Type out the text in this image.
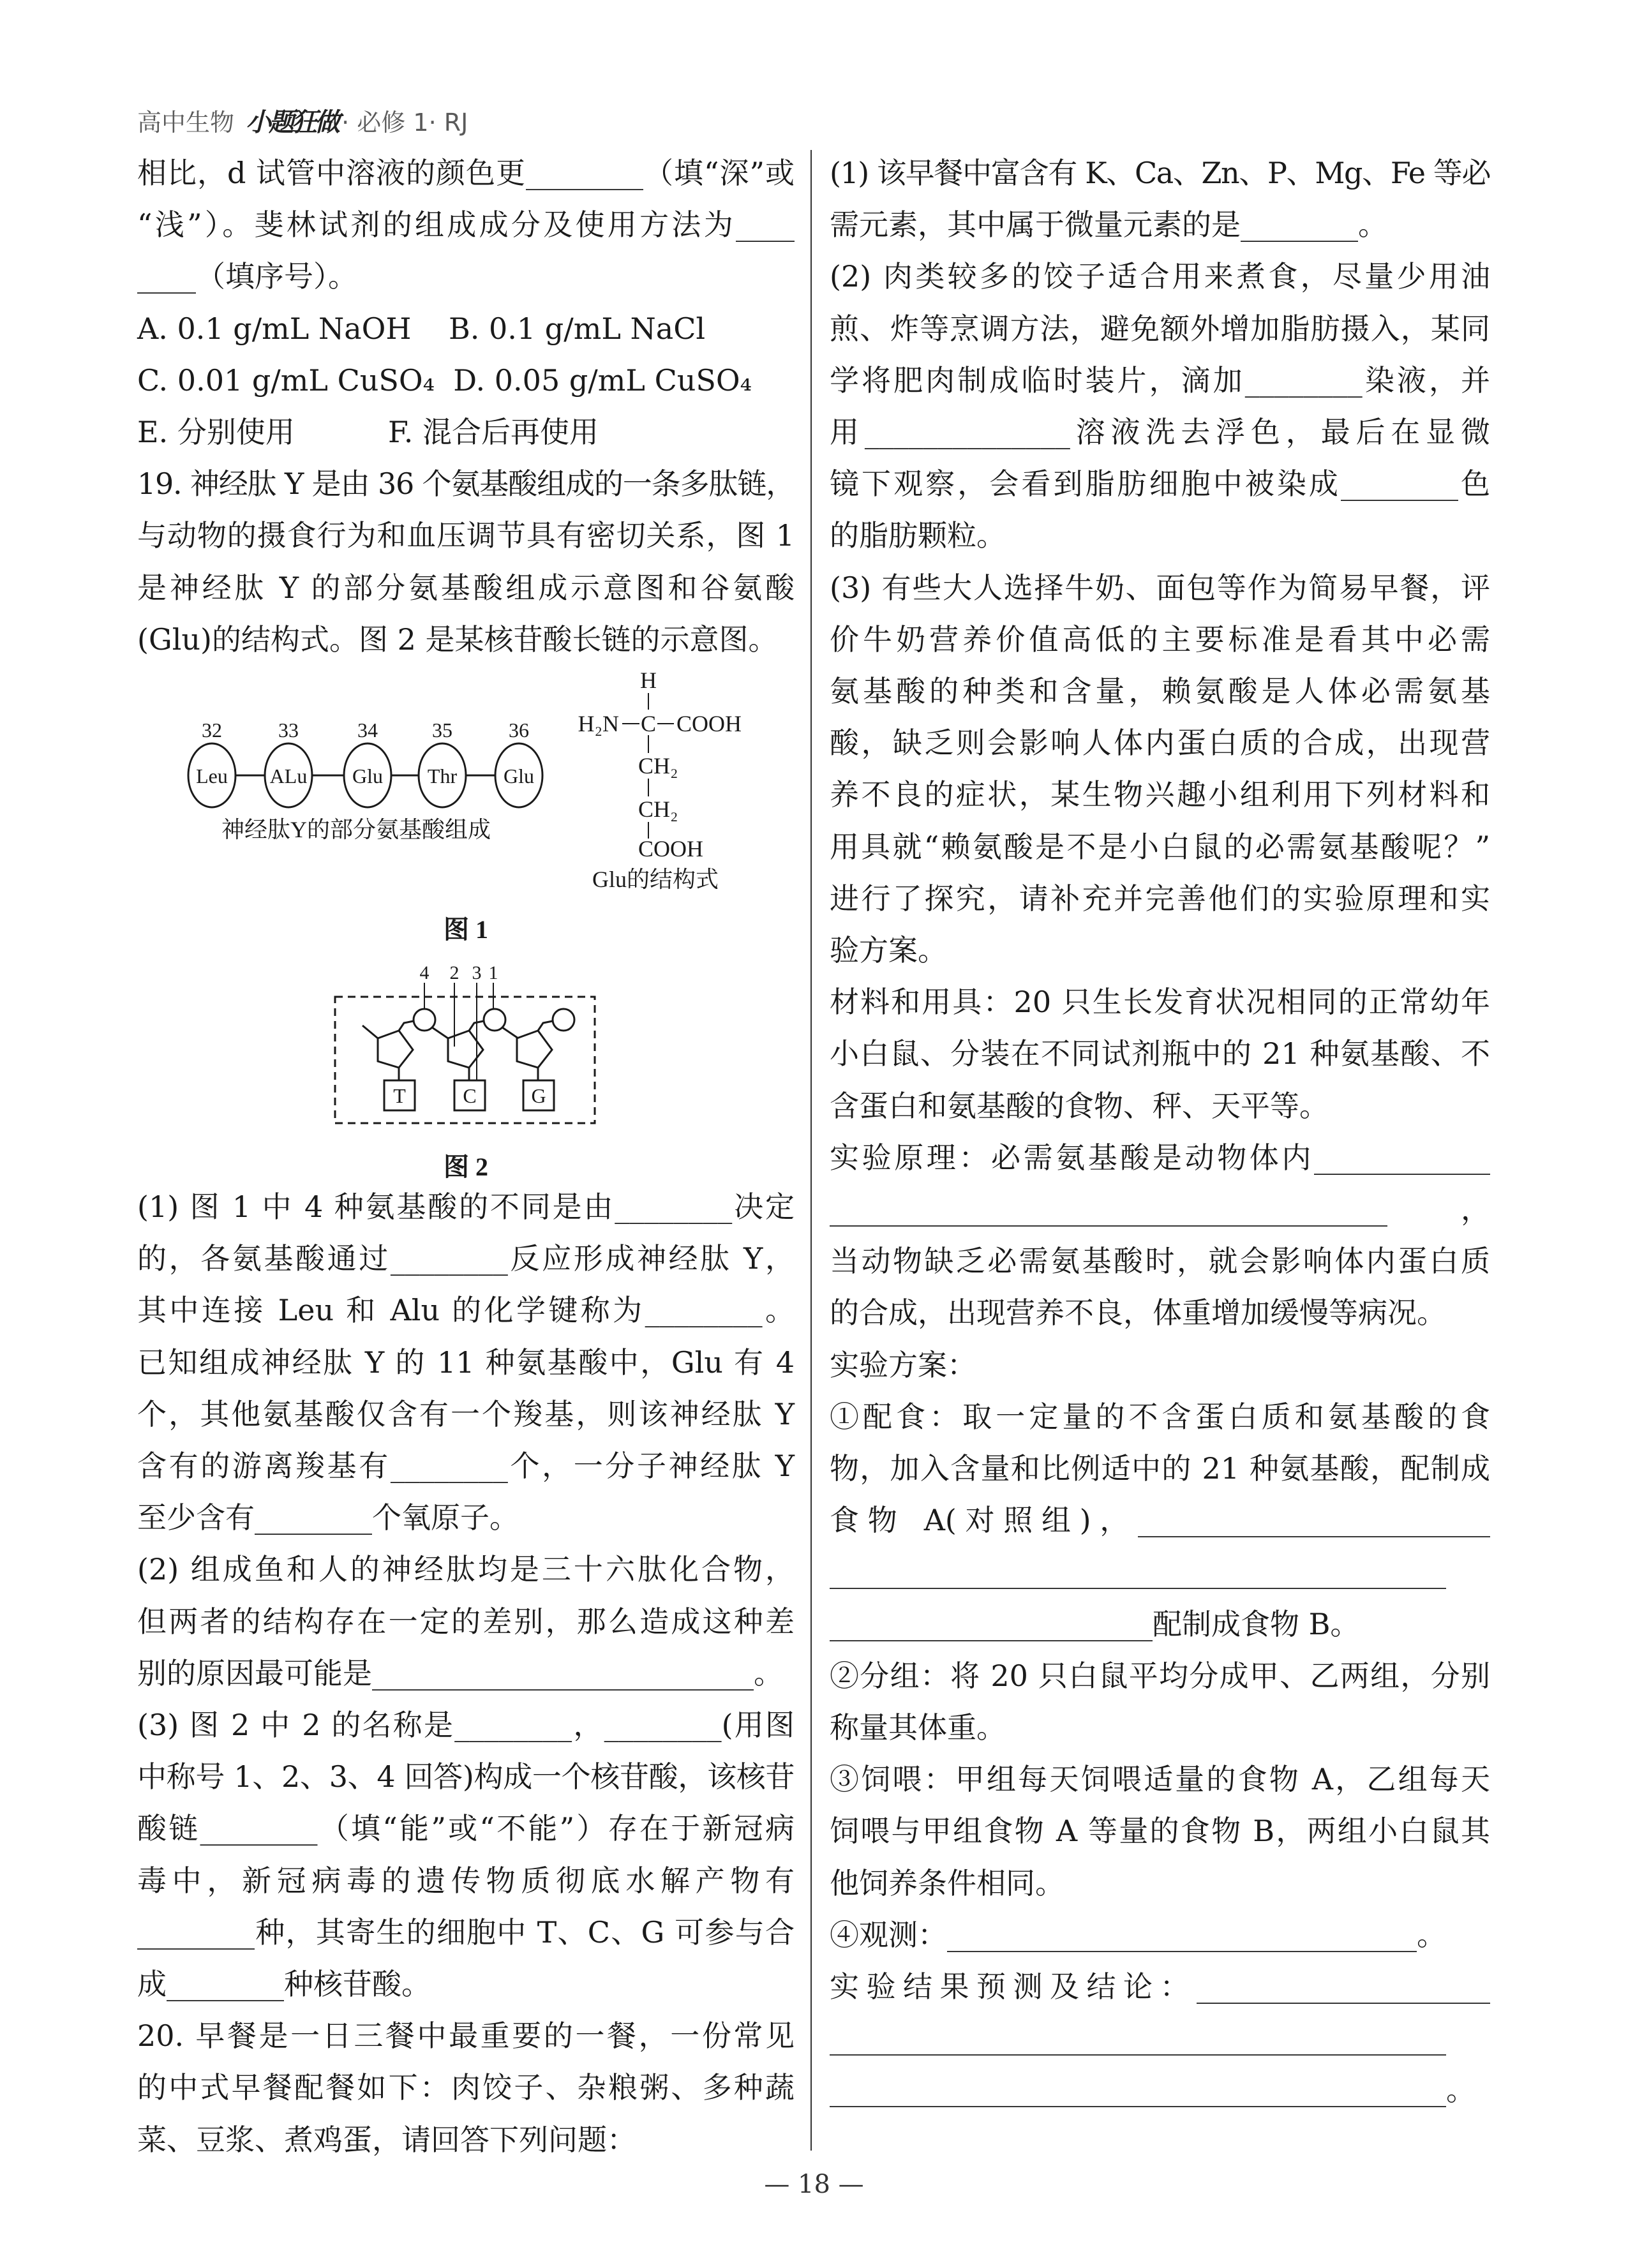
高中生物 小题狂做 · 必修 1· RJ
相比，d 试管中溶液的颜色更________（填“深”或
“浅”）。斐林试剂的组成成分及使用方法为____
____（填序号）。
A. 0.1 g/mL NaOH    B. 0.1 g/mL NaCl
C. 0.01 g/mL CuSO₄  D. 0.05 g/mL CuSO₄
E. 分别使用          F. 混合后再使用
19. 神经肽 Y 是由 36 个氨基酸组成的一条多肽链，
与动物的摄食行为和血压调节具有密切关系，图 1
是神经肽 Y 的部分氨基酸组成示意图和谷氨酸
(Glu)的结构式。图 2 是某核苷酸长链的示意图。
(1) 图 1 中 4 种氨基酸的不同是由________决定
的，各氨基酸通过________反应形成神经肽 Y，
其中连接 Leu 和 Alu 的化学键称为________。
已知组成神经肽 Y 的 11 种氨基酸中，Glu 有 4
个，其他氨基酸仅含有一个羧基，则该神经肽 Y
含有的游离羧基有________个，一分子神经肽 Y
至少含有________个氧原子。
(2) 组成鱼和人的神经肽均是三十六肽化合物，
但两者的结构存在一定的差别，那么造成这种差
别的原因最可能是__________________________。
(3) 图 2 中 2 的名称是________，________(用图
中称号 1、2、3、4 回答)构成一个核苷酸，该核苷
酸链________（填“能”或“不能”）存在于新冠病
毒中，新冠病毒的遗传物质彻底水解产物有
________种，其寄生的细胞中 T、C、G 可参与合
成________种核苷酸。
20. 早餐是一日三餐中最重要的一餐，一份常见
的中式早餐配餐如下：肉饺子、杂粮粥、多种蔬
菜、豆浆、煮鸡蛋，请回答下列问题：
(1) 该早餐中富含有 K、Ca、Zn、P、Mg、Fe 等必
需元素，其中属于微量元素的是________。
(2) 肉类较多的饺子适合用来煮食，尽量少用油
煎、炸等烹调方法，避免额外增加脂肪摄入，某同
学将肥肉制成临时装片，滴加________染液，并
用______________溶液洗去浮色，最后在显微
镜下观察，会看到脂肪细胞中被染成________色
的脂肪颗粒。
(3) 有些大人选择牛奶、面包等作为简易早餐，评
价牛奶营养价值高低的主要标准是看其中必需
氨基酸的种类和含量，赖氨酸是人体必需氨基
酸，缺乏则会影响人体内蛋白质的合成，出现营
养不良的症状，某生物兴趣小组利用下列材料和
用具就“赖氨酸是不是小白鼠的必需氨基酸呢？”
进行了探究，请补充并完善他们的实验原理和实
验方案。
材料和用具：20 只生长发育状况相同的正常幼年
小白鼠、分装在不同试剂瓶中的 21 种氨基酸、不
含蛋白和氨基酸的食物、秤、天平等。
实验原理：必需氨基酸是动物体内____________
______________________________________，
当动物缺乏必需氨基酸时，就会影响体内蛋白质
的合成，出现营养不良，体重增加缓慢等病况。
实验方案：
①配食：取一定量的不含蛋白质和氨基酸的食
物，加入含量和比例适中的 21 种氨基酸，配制成
食物 A(对照组)，________________________
__________________________________________
______________________配制成食物 B。
②分组：将 20 只白鼠平均分成甲、乙两组，分别
称量其体重。
③饲喂：甲组每天饲喂适量的食物 A，乙组每天
饲喂与甲组食物 A 等量的食物 B，两组小白鼠其
他饲养条件相同。
④观测：________________________________。
实验结果预测及结论：____________________
__________________________________________
__________________________________________。
Leu
32
ALu
33
Glu
34
Thr
35
Glu
36
神经肽Y的部分氨基酸组成
H
H₂N C COOH
CH₂
CH₂
COOH
Glu的结构式
图 1
T	C	G
4 2 3 1
图 2
— 18 —
